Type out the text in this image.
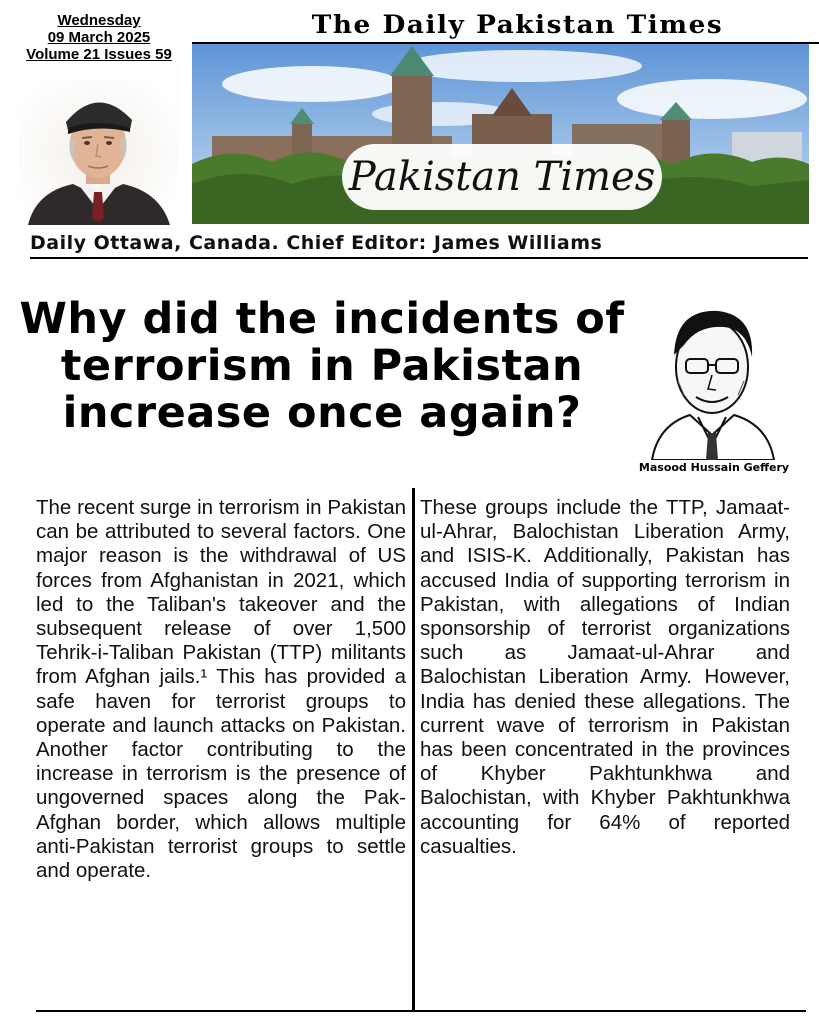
Wednesday
09 March 2025
Volume 21 Issues 59
The Daily Pakistan Times
Pakistan Times
Daily Ottawa, Canada. Chief Editor: James Williams
Why did the incidents of terrorism in Pakistan increase once again?
Masood Hussain Geffery
The recent surge in terrorism in Pakistan can be attributed to several factors. One major reason is the withdrawal of US forces from Afghanistan in 2021, which led to the Taliban's takeover and the subsequent release of over 1,500 Tehrik-i-Taliban Pakistan (TTP) militants from Afghan jails.¹ This has provided a safe haven for terrorist groups to operate and launch attacks on Pakistan. Another factor contributing to the increase in terrorism is the presence of ungoverned spaces along the Pak-Afghan border, which allows multiple anti-Pakistan terrorist groups to settle and operate.
These groups include the TTP, Jamaat-ul-Ahrar, Balochistan Liberation Army, and ISIS-K. Additionally, Pakistan has accused India of supporting terrorism in Pakistan, with allegations of Indian sponsorship of terrorist organizations such as Jamaat-ul-Ahrar and Balochistan Liberation Army. However, India has denied these allegations. The current wave of terrorism in Pakistan has been concentrated in the provinces of Khyber Pakhtunkhwa and Balochistan, with Khyber Pakhtunkhwa accounting for 64% of reported casualties.
